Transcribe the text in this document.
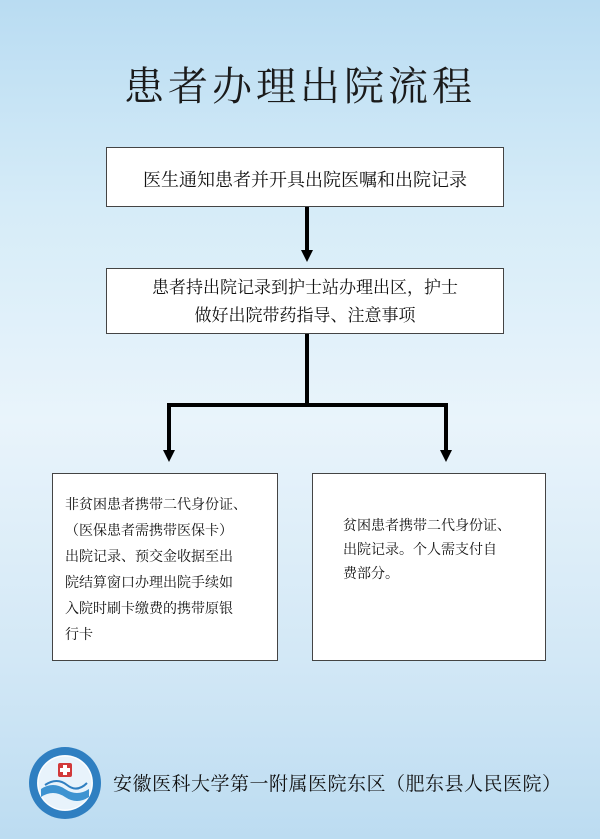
患者办理出院流程
医生通知患者并开具出院医嘱和出院记录
患者持出院记录到护士站办理出区，护士
做好出院带药指导、注意事项
非贫困患者携带二代身份证、
（医保患者需携带医保卡）
出院记录、预交金收据至出
院结算窗口办理出院手续如
入院时刷卡缴费的携带原银
行卡
贫困患者携带二代身份证、
出院记录。个人需支付自
费部分。
安徽医科大学第一附属医院东区（肥东县人民医院）
